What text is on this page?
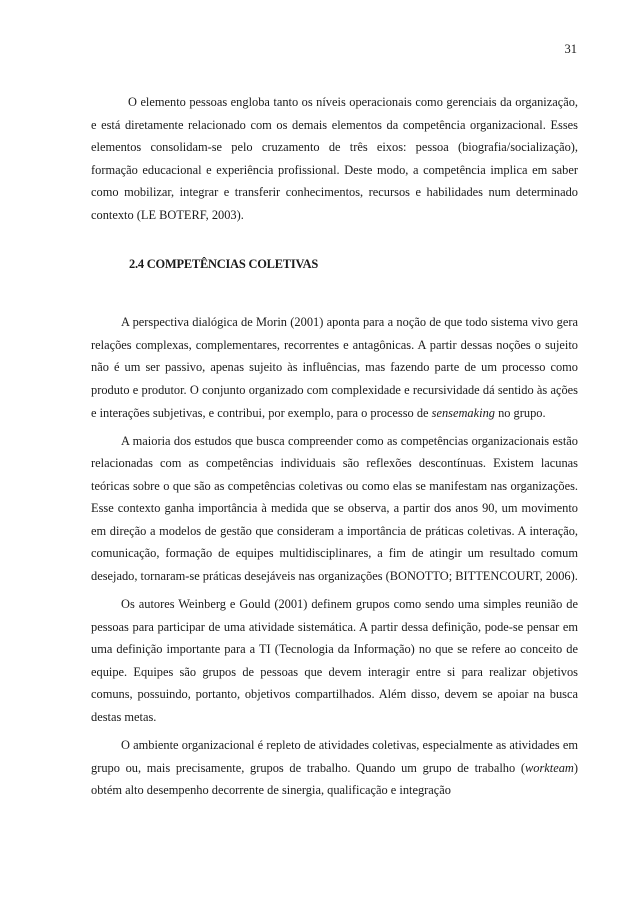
31

O elemento pessoas engloba tanto os níveis operacionais como gerenciais da organização, e está diretamente relacionado com os demais elementos da competência organizacional. Esses elementos consolidam-se pelo cruzamento de três eixos: pessoa (biografia/socialização), formação educacional e experiência profissional. Deste modo, a competência implica em saber como mobilizar, integrar e transferir conhecimentos, recursos e habilidades num determinado contexto (LE BOTERF, 2003).

2.4 COMPETÊNCIAS COLETIVAS

A perspectiva dialógica de Morin (2001) aponta para a noção de que todo sistema vivo gera relações complexas, complementares, recorrentes e antagônicas. A partir dessas noções o sujeito não é um ser passivo, apenas sujeito às influências, mas fazendo parte de um processo como produto e produtor. O conjunto organizado com complexidade e recursividade dá sentido às ações e interações subjetivas, e contribui, por exemplo, para o processo de sensemaking no grupo.

A maioria dos estudos que busca compreender como as competências organizacionais estão relacionadas com as competências individuais são reflexões descontínuas. Existem lacunas teóricas sobre o que são as competências coletivas ou como elas se manifestam nas organizações. Esse contexto ganha importância à medida que se observa, a partir dos anos 90, um movimento em direção a modelos de gestão que consideram a importância de práticas coletivas. A interação, comunicação, formação de equipes multidisciplinares, a fim de atingir um resultado comum desejado, tornaram-se práticas desejáveis nas organizações (BONOTTO; BITTENCOURT, 2006).

Os autores Weinberg e Gould (2001) definem grupos como sendo uma simples reunião de pessoas para participar de uma atividade sistemática. A partir dessa definição, pode-se pensar em uma definição importante para a TI (Tecnologia da Informação) no que se refere ao conceito de equipe. Equipes são grupos de pessoas que devem interagir entre si para realizar objetivos comuns, possuindo, portanto, objetivos compartilhados. Além disso, devem se apoiar na busca destas metas.

O ambiente organizacional é repleto de atividades coletivas, especialmente as atividades em grupo ou, mais precisamente, grupos de trabalho. Quando um grupo de trabalho (workteam) obtém alto desempenho decorrente de sinergia, qualificação e integração
